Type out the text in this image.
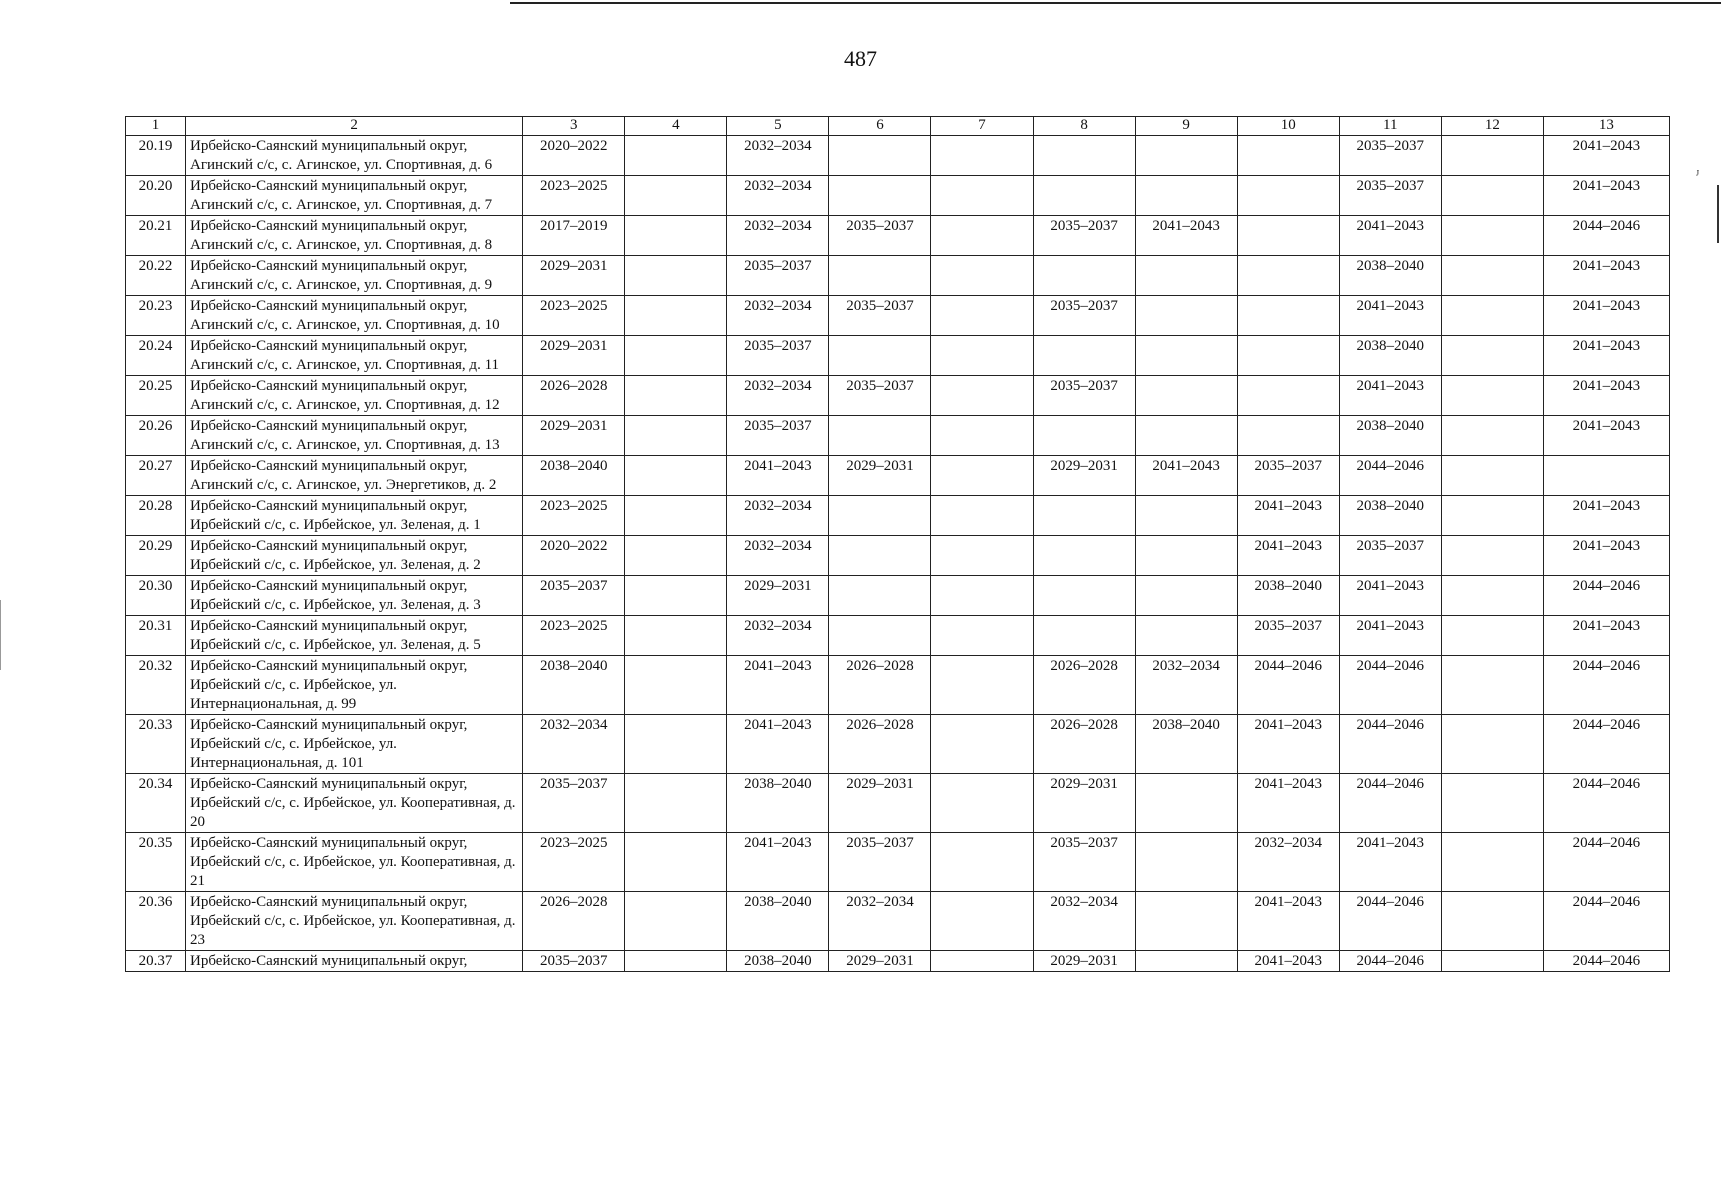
487
ᴶ
1	2	3	4	5	6	7	8	9	10	11	12	13
20.19	Ирбейско-Саянский муниципальный округ, Агинский с/с, с. Агинское, ул. Спортивная, д. 6	2020–2022		2032–2034						2035–2037		2041–2043
20.20	Ирбейско-Саянский муниципальный округ, Агинский с/с, с. Агинское, ул. Спортивная, д. 7	2023–2025		2032–2034						2035–2037		2041–2043
20.21	Ирбейско-Саянский муниципальный округ, Агинский с/с, с. Агинское, ул. Спортивная, д. 8	2017–2019		2032–2034	2035–2037		2035–2037	2041–2043		2041–2043		2044–2046
20.22	Ирбейско-Саянский муниципальный округ, Агинский с/с, с. Агинское, ул. Спортивная, д. 9	2029–2031		2035–2037						2038–2040		2041–2043
20.23	Ирбейско-Саянский муниципальный округ, Агинский с/с, с. Агинское, ул. Спортивная, д. 10	2023–2025		2032–2034	2035–2037		2035–2037			2041–2043		2041–2043
20.24	Ирбейско-Саянский муниципальный округ, Агинский с/с, с. Агинское, ул. Спортивная, д. 11	2029–2031		2035–2037						2038–2040		2041–2043
20.25	Ирбейско-Саянский муниципальный округ, Агинский с/с, с. Агинское, ул. Спортивная, д. 12	2026–2028		2032–2034	2035–2037		2035–2037			2041–2043		2041–2043
20.26	Ирбейско-Саянский муниципальный округ, Агинский с/с, с. Агинское, ул. Спортивная, д. 13	2029–2031		2035–2037						2038–2040		2041–2043
20.27	Ирбейско-Саянский муниципальный округ, Агинский с/с, с. Агинское, ул. Энергетиков, д. 2	2038–2040		2041–2043	2029–2031		2029–2031	2041–2043	2035–2037	2044–2046		
20.28	Ирбейско-Саянский муниципальный округ, Ирбейский с/с, с. Ирбейское, ул. Зеленая, д. 1	2023–2025		2032–2034					2041–2043	2038–2040		2041–2043
20.29	Ирбейско-Саянский муниципальный округ, Ирбейский с/с, с. Ирбейское, ул. Зеленая, д. 2	2020–2022		2032–2034					2041–2043	2035–2037		2041–2043
20.30	Ирбейско-Саянский муниципальный округ, Ирбейский с/с, с. Ирбейское, ул. Зеленая, д. 3	2035–2037		2029–2031					2038–2040	2041–2043		2044–2046
20.31	Ирбейско-Саянский муниципальный округ, Ирбейский с/с, с. Ирбейское, ул. Зеленая, д. 5	2023–2025		2032–2034					2035–2037	2041–2043		2041–2043
20.32	Ирбейско-Саянский муниципальный округ, Ирбейский с/с, с. Ирбейское, ул. Интернациональная, д. 99	2038–2040		2041–2043	2026–2028		2026–2028	2032–2034	2044–2046	2044–2046		2044–2046
20.33	Ирбейско-Саянский муниципальный округ, Ирбейский с/с, с. Ирбейское, ул. Интернациональная, д. 101	2032–2034		2041–2043	2026–2028		2026–2028	2038–2040	2041–2043	2044–2046		2044–2046
20.34	Ирбейско-Саянский муниципальный округ, Ирбейский с/с, с. Ирбейское, ул. Кооперативная, д. 20	2035–2037		2038–2040	2029–2031		2029–2031		2041–2043	2044–2046		2044–2046
20.35	Ирбейско-Саянский муниципальный округ, Ирбейский с/с, с. Ирбейское, ул. Кооперативная, д. 21	2023–2025		2041–2043	2035–2037		2035–2037		2032–2034	2041–2043		2044–2046
20.36	Ирбейско-Саянский муниципальный округ, Ирбейский с/с, с. Ирбейское, ул. Кооперативная, д. 23	2026–2028		2038–2040	2032–2034		2032–2034		2041–2043	2044–2046		2044–2046
20.37	Ирбейско-Саянский муниципальный округ,	2035–2037		2038–2040	2029–2031		2029–2031		2041–2043	2044–2046		2044–2046
